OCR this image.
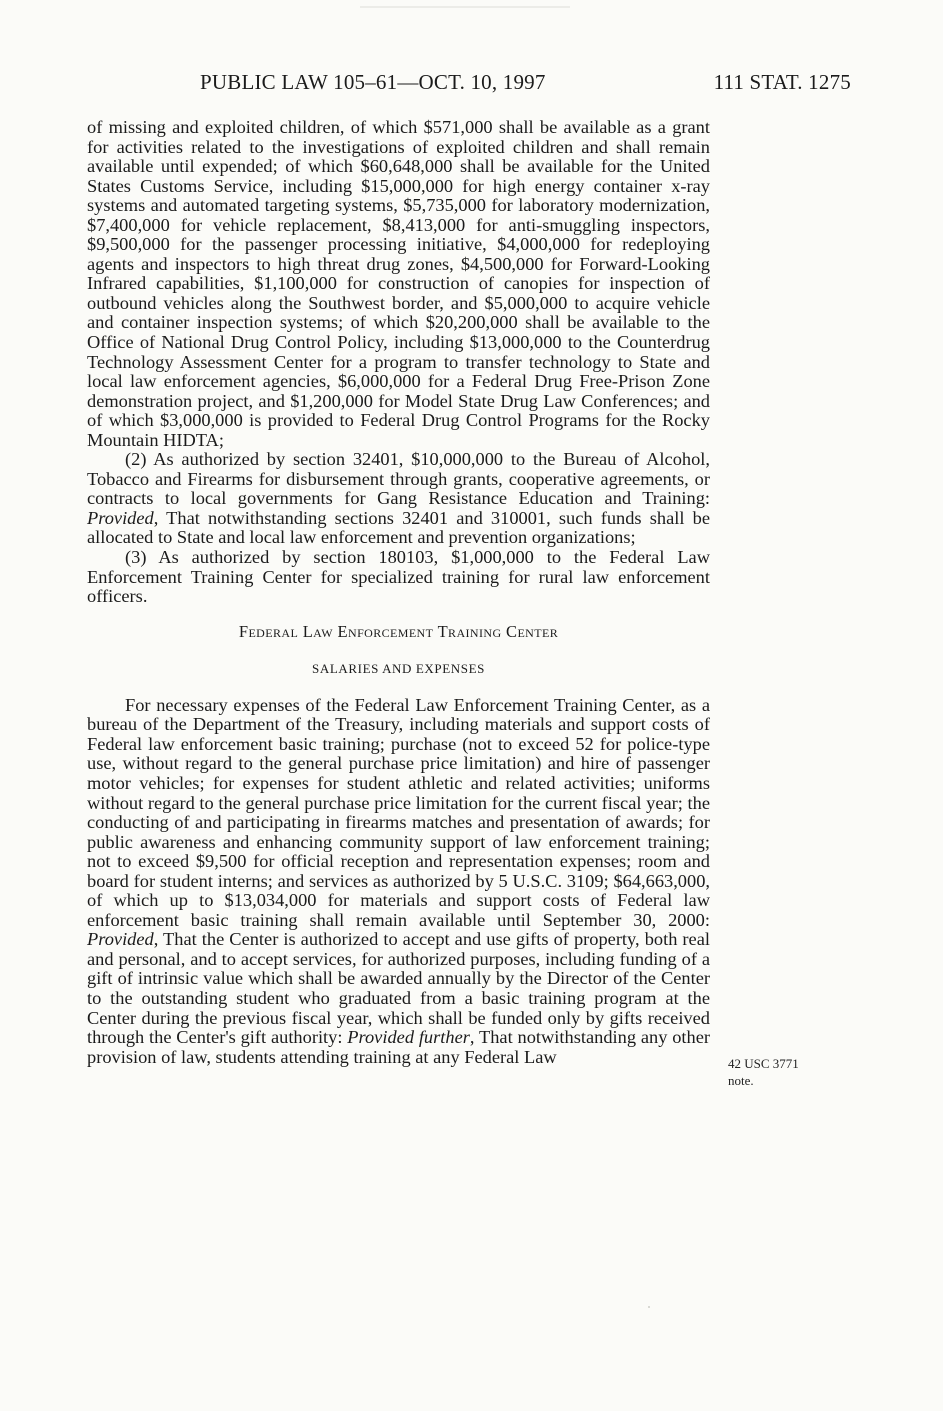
PUBLIC LAW 105–61—OCT. 10, 1997	111 STAT. 1275

of missing and exploited children, of which $571,000 shall be available as a grant for activities related to the investigations of exploited children and shall remain available until expended; of which $60,648,000 shall be available for the United States Customs Service, including $15,000,000 for high energy container x-ray systems and automated targeting systems, $5,735,000 for laboratory modernization, $7,400,000 for vehicle replacement, $8,413,000 for anti-smuggling inspectors, $9,500,000 for the passenger processing initiative, $4,000,000 for redeploying agents and inspectors to high threat drug zones, $4,500,000 for Forward-Looking Infrared capabilities, $1,100,000 for construction of canopies for inspection of outbound vehicles along the Southwest border, and $5,000,000 to acquire vehicle and container inspection systems; of which $20,200,000 shall be available to the Office of National Drug Control Policy, including $13,000,000 to the Counterdrug Technology Assessment Center for a program to transfer technology to State and local law enforcement agencies, $6,000,000 for a Federal Drug Free-Prison Zone demonstration project, and $1,200,000 for Model State Drug Law Conferences; and of which $3,000,000 is provided to Federal Drug Control Programs for the Rocky Mountain HIDTA;

(2) As authorized by section 32401, $10,000,000 to the Bureau of Alcohol, Tobacco and Firearms for disbursement through grants, cooperative agreements, or contracts to local governments for Gang Resistance Education and Training: Provided, That notwithstanding sections 32401 and 310001, such funds shall be allocated to State and local law enforcement and prevention organizations;

(3) As authorized by section 180103, $1,000,000 to the Federal Law Enforcement Training Center for specialized training for rural law enforcement officers.

Federal Law Enforcement Training Center
SALARIES AND EXPENSES

For necessary expenses of the Federal Law Enforcement Training Center, as a bureau of the Department of the Treasury, including materials and support costs of Federal law enforcement basic training; purchase (not to exceed 52 for police-type use, without regard to the general purchase price limitation) and hire of passenger motor vehicles; for expenses for student athletic and related activities; uniforms without regard to the general purchase price limitation for the current fiscal year; the conducting of and participating in firearms matches and presentation of awards; for public awareness and enhancing community support of law enforcement training; not to exceed $9,500 for official reception and representation expenses; room and board for student interns; and services as authorized by 5 U.S.C. 3109; $64,663,000, of which up to $13,034,000 for materials and support costs of Federal law enforcement basic training shall remain available until September 30, 2000: Provided, That the Center is authorized to accept and use gifts of property, both real and personal, and to accept services, for authorized purposes, including funding of a gift of intrinsic value which shall be awarded annually by the Director of the Center to the outstanding student who graduated from a basic training program at the Center during the previous fiscal year, which shall be funded only by gifts received through the Center's gift authority: Provided further, That notwithstanding any other provision of law, students attending training at any Federal Law	42 USC 3771
note.
